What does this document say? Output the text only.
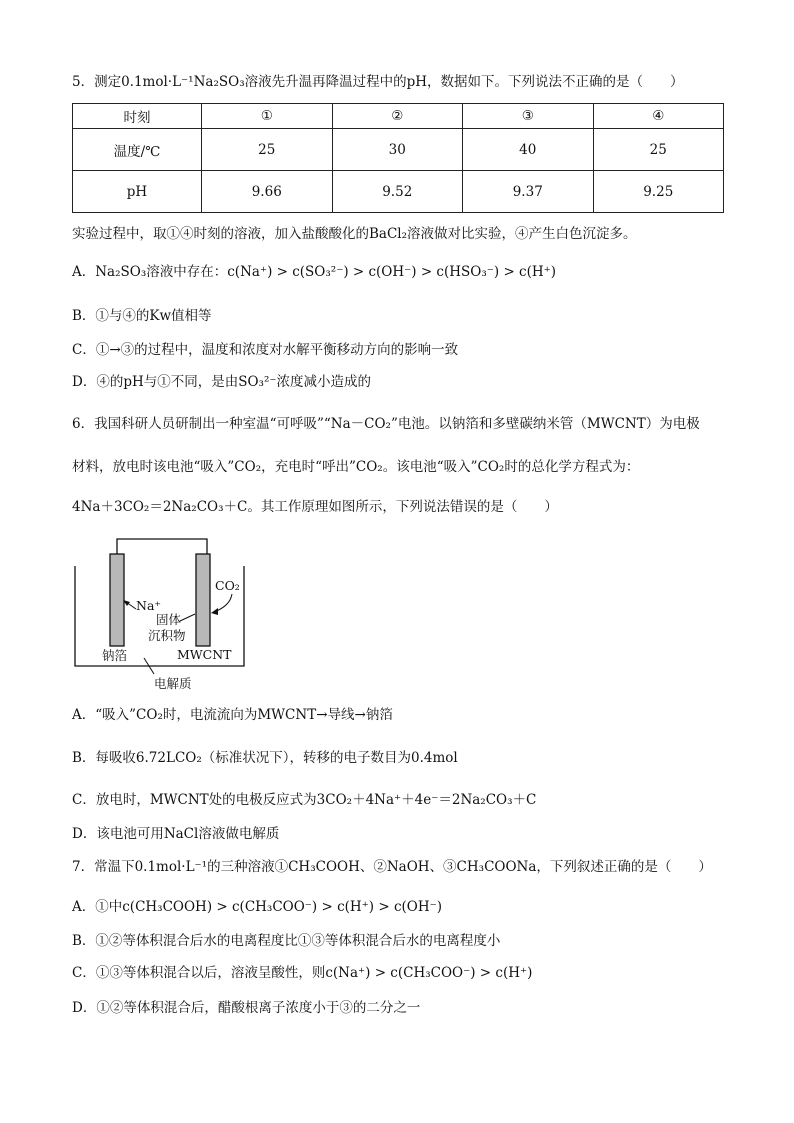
5．测定0.1mol·L⁻¹Na₂SO₃溶液先升温再降温过程中的pH，数据如下。下列说法不正确的是（　　）
时刻	①	②	③	④
温度/℃	25	30	40	25
pH	9.66	9.52	9.37	9.25
实验过程中，取①④时刻的溶液，加入盐酸酸化的BaCl₂溶液做对比实验，④产生白色沉淀多。
A．Na₂SO₃溶液中存在：c(Na⁺) > c(SO₃²⁻) > c(OH⁻) > c(HSO₃⁻) > c(H⁺)
B．①与④的Kw值相等
C．①→③的过程中，温度和浓度对水解平衡移动方向的影响一致
D．④的pH与①不同，是由SO₃²⁻浓度减小造成的
6．我国科研人员研制出一种室温“可呼吸”“Na－CO₂”电池。以钠箔和多壁碳纳米管（MWCNT）为电极
材料，放电时该电池“吸入”CO₂，充电时“呼出”CO₂。该电池“吸入”CO₂时的总化学方程式为：
4Na＋3CO₂＝2Na₂CO₃＋C。其工作原理如图所示，下列说法错误的是（　　）
Na⁺
CO₂
固体
沉积物
钠箔	MWCNT
电解质
A．“吸入”CO₂时，电流流向为MWCNT→导线→钠箔
B．每吸收6.72LCO₂（标准状况下），转移的电子数目为0.4mol
C．放电时，MWCNT处的电极反应式为3CO₂＋4Na⁺＋4e⁻＝2Na₂CO₃＋C
D．该电池可用NaCl溶液做电解质
7．常温下0.1mol·L⁻¹的三种溶液①CH₃COOH、②NaOH、③CH₃COONa，下列叙述正确的是（　　）
A．①中c(CH₃COOH) > c(CH₃COO⁻) > c(H⁺) > c(OH⁻)
B．①②等体积混合后水的电离程度比①③等体积混合后水的电离程度小
C．①③等体积混合以后，溶液呈酸性，则c(Na⁺) > c(CH₃COO⁻) > c(H⁺)
D．①②等体积混合后，醋酸根离子浓度小于③的二分之一
